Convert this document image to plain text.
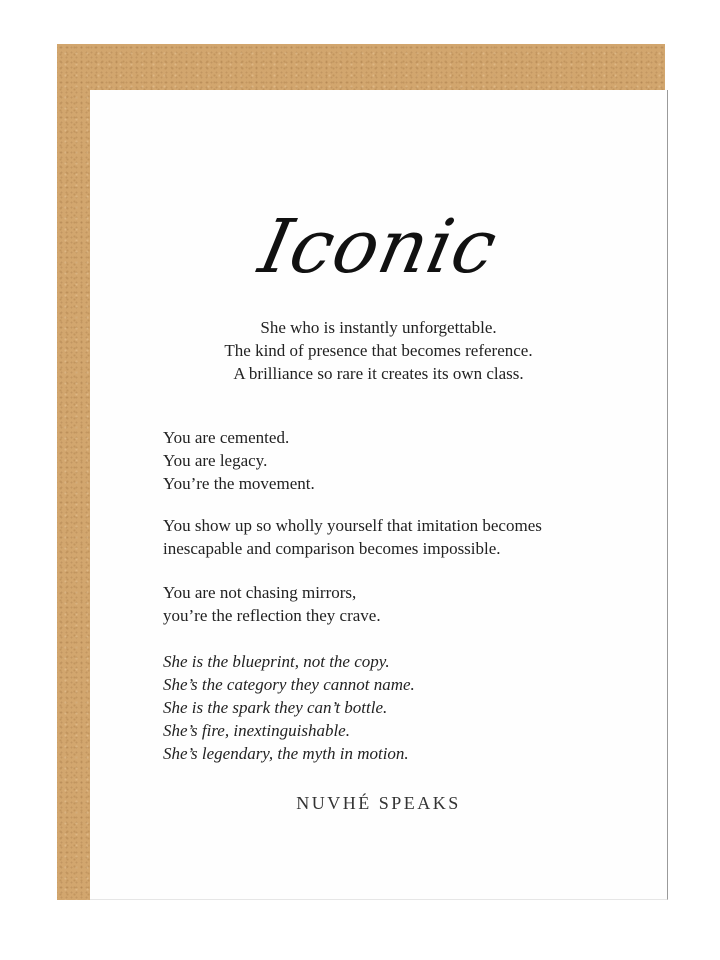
Iconic
She who is instantly unforgettable.
The kind of presence that becomes reference.
A brilliance so rare it creates its own class.
You are cemented.
You are legacy.
You’re the movement.
You show up so wholly yourself that imitation becomes
inescapable and comparison becomes impossible.
You are not chasing mirrors,
you’re the reflection they crave.
She is the blueprint, not the copy.
She’s the category they cannot name.
She is the spark they can’t bottle.
She’s fire, inextinguishable.
She’s legendary, the myth in motion.
NUVHÉ SPEAKS
